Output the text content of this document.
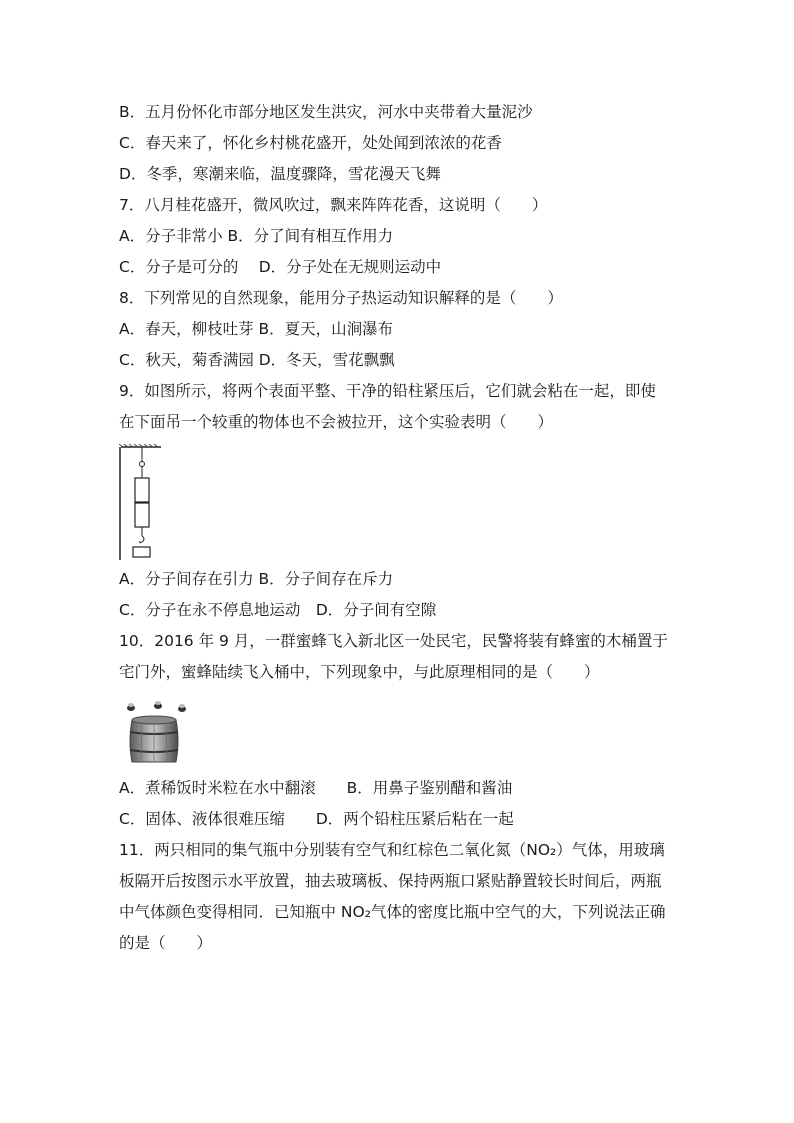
B．五月份怀化市部分地区发生洪灾，河水中夹带着大量泥沙
C．春天来了，怀化乡村桃花盛开，处处闻到浓浓的花香
D．冬季，寒潮来临，温度骤降，雪花漫天飞舞
7．八月桂花盛开，微风吹过，飘来阵阵花香，这说明（　　）
A．分子非常小 B．分了间有相互作用力
C．分子是可分的　 D．分子处在无规则运动中
8．下列常见的自然现象，能用分子热运动知识解释的是（　　）
A．春天，柳枝吐芽 B．夏天，山涧瀑布
C．秋天，菊香满园 D．冬天，雪花飘飘
9．如图所示，将两个表面平整、干净的铅柱紧压后，它们就会粘在一起，即使
在下面吊一个较重的物体也不会被拉开，这个实验表明（　　）
A．分子间存在引力 B．分子间存在斥力
C．分子在永不停息地运动　D．分子间有空隙
10．2016 年 9 月，一群蜜蜂飞入新北区一处民宅，民警将装有蜂蜜的木桶置于
宅门外，蜜蜂陆续飞入桶中，下列现象中，与此原理相同的是（　　）
A．煮稀饭时米粒在水中翻滚　　B．用鼻子鉴别醋和酱油
C．固体、液体很难压缩　　D．两个铅柱压紧后粘在一起
11．两只相同的集气瓶中分别装有空气和红棕色二氧化氮（NO₂）气体，用玻璃
板隔开后按图示水平放置，抽去玻璃板、保持两瓶口紧贴静置较长时间后，两瓶
中气体颜色变得相同．已知瓶中 NO₂气体的密度比瓶中空气的大，下列说法正确
的是（　　）
